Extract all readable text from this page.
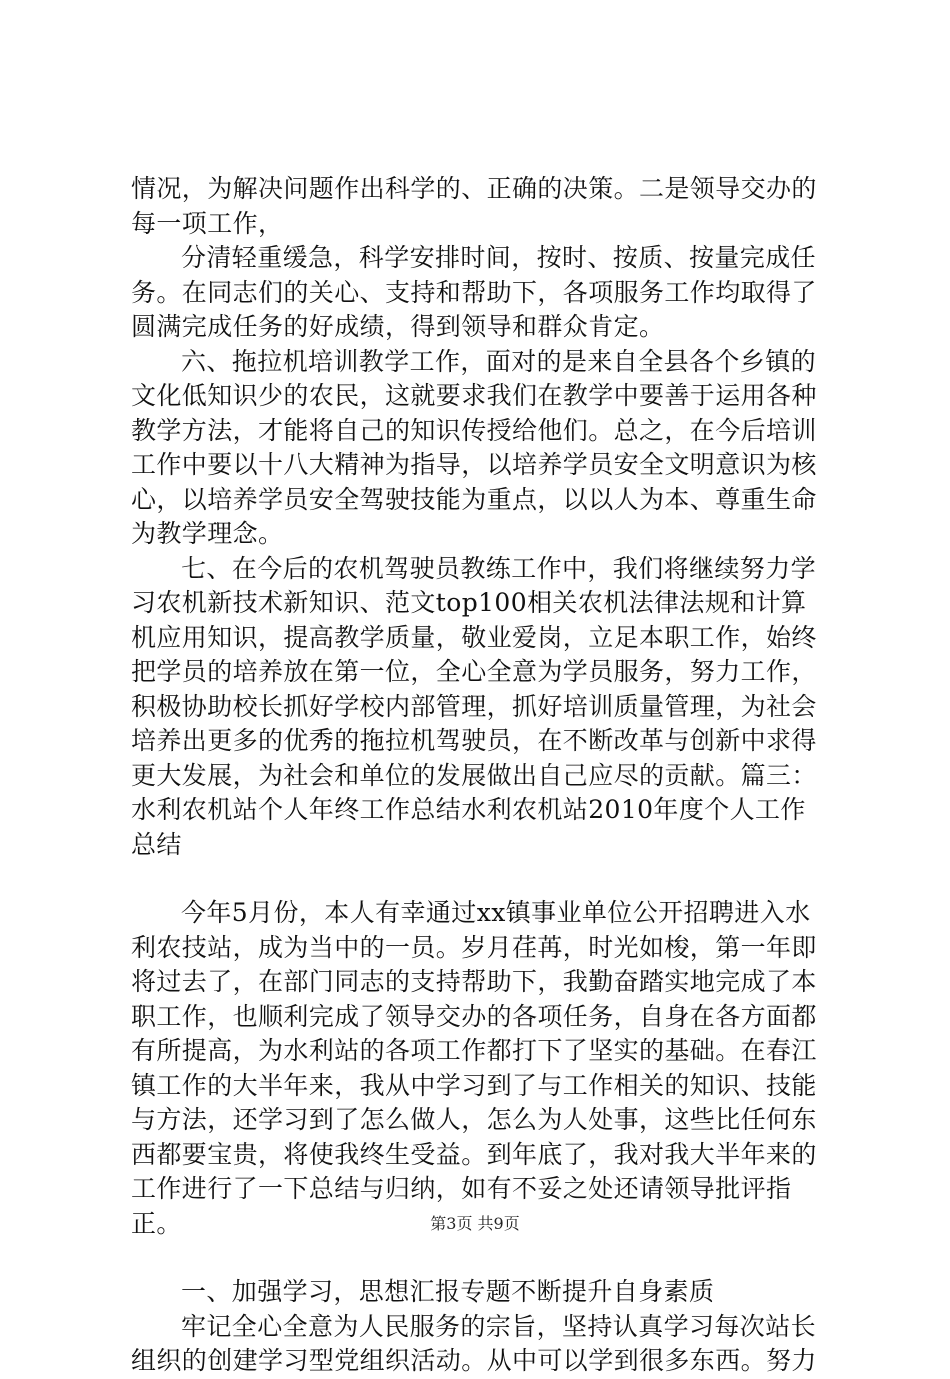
情况，为解决问题作出科学的、正确的决策。二是领导交办的每一项工作，

分清轻重缓急，科学安排时间，按时、按质、按量完成任务。在同志们的关心、支持和帮助下，各项服务工作均取得了圆满完成任务的好成绩，得到领导和群众肯定。

六、拖拉机培训教学工作，面对的是来自全县各个乡镇的文化低知识少的农民，这就要求我们在教学中要善于运用各种教学方法，才能将自己的知识传授给他们。总之，在今后培训工作中要以十八大精神为指导，以培养学员安全文明意识为核心，以培养学员安全驾驶技能为重点，以以人为本、尊重生命为教学理念。

七、在今后的农机驾驶员教练工作中，我们将继续努力学习农机新技术新知识、范文top100相关农机法律法规和计算机应用知识，提高教学质量，敬业爱岗，立足本职工作，始终把学员的培养放在第一位，全心全意为学员服务，努力工作，积极协助校长抓好学校内部管理，抓好培训质量管理，为社会培养出更多的优秀的拖拉机驾驶员，在不断改革与创新中求得更大发展，为社会和单位的发展做出自己应尽的贡献。篇三：水利农机站个人年终工作总结水利农机站2010年度个人工作总结

今年5月份，本人有幸通过xx镇事业单位公开招聘进入水利农技站，成为当中的一员。岁月荏苒，时光如梭，第一年即将过去了，在部门同志的支持帮助下，我勤奋踏实地完成了本职工作，也顺利完成了领导交办的各项任务，自身在各方面都有所提高，为水利站的各项工作都打下了坚实的基础。在春江镇工作的大半年来，我从中学习到了与工作相关的知识、技能与方法，还学习到了怎么做人，怎么为人处事，这些比任何东西都要宝贵，将使我终生受益。到年底了，我对我大半年来的工作进行了一下总结与归纳，如有不妥之处还请领导批评指正。

一、加强学习，思想汇报专题不断提升自身素质

牢记全心全意为人民服务的宗旨，坚持认真学习每次站长组织的创建学习型党组织活动。从中可以学到很多东西。努力

第3页 共9页
